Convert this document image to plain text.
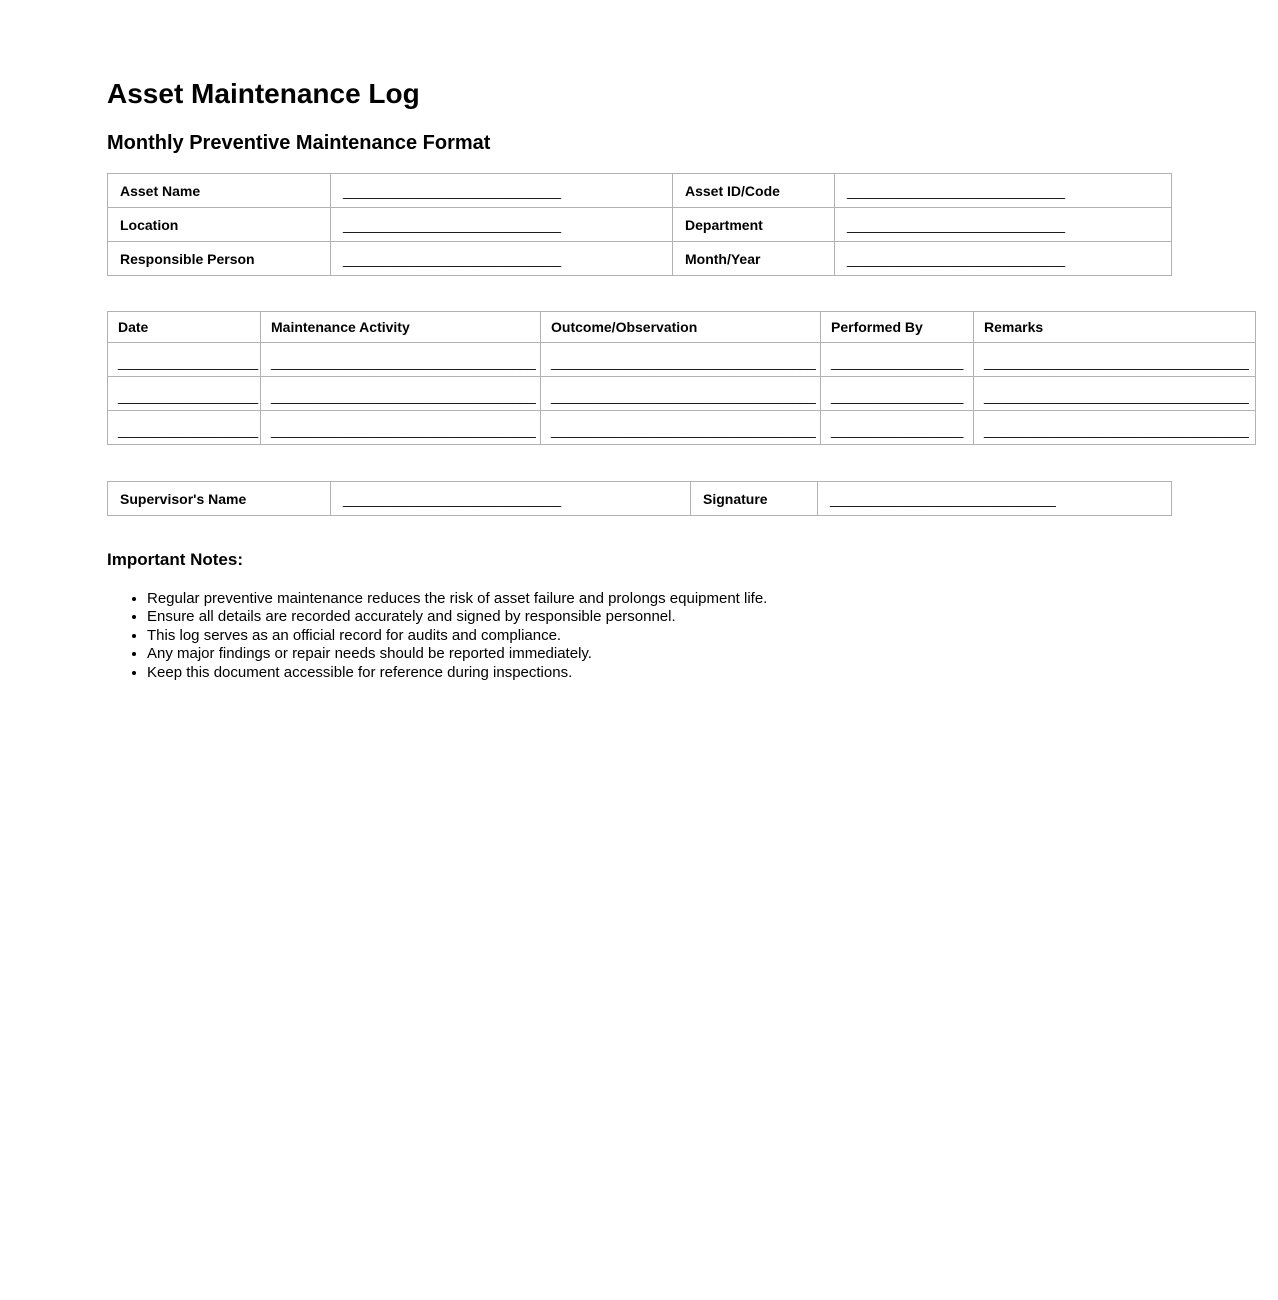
Asset Maintenance Log
Monthly Preventive Maintenance Format
Asset Name	____________________________	Asset ID/Code	____________________________
Location	____________________________	Department	____________________________
Responsible Person	____________________________	Month/Year	____________________________
Date	Maintenance Activity	Outcome/Observation	Performed By	Remarks
__________________	__________________________________	__________________________________	_________________	__________________________________
__________________	__________________________________	__________________________________	_________________	__________________________________
__________________	__________________________________	__________________________________	_________________	__________________________________
Supervisor's Name	____________________________	Signature	_____________________________
Important Notes:
• Regular preventive maintenance reduces the risk of asset failure and prolongs equipment life.
• Ensure all details are recorded accurately and signed by responsible personnel.
• This log serves as an official record for audits and compliance.
• Any major findings or repair needs should be reported immediately.
• Keep this document accessible for reference during inspections.
